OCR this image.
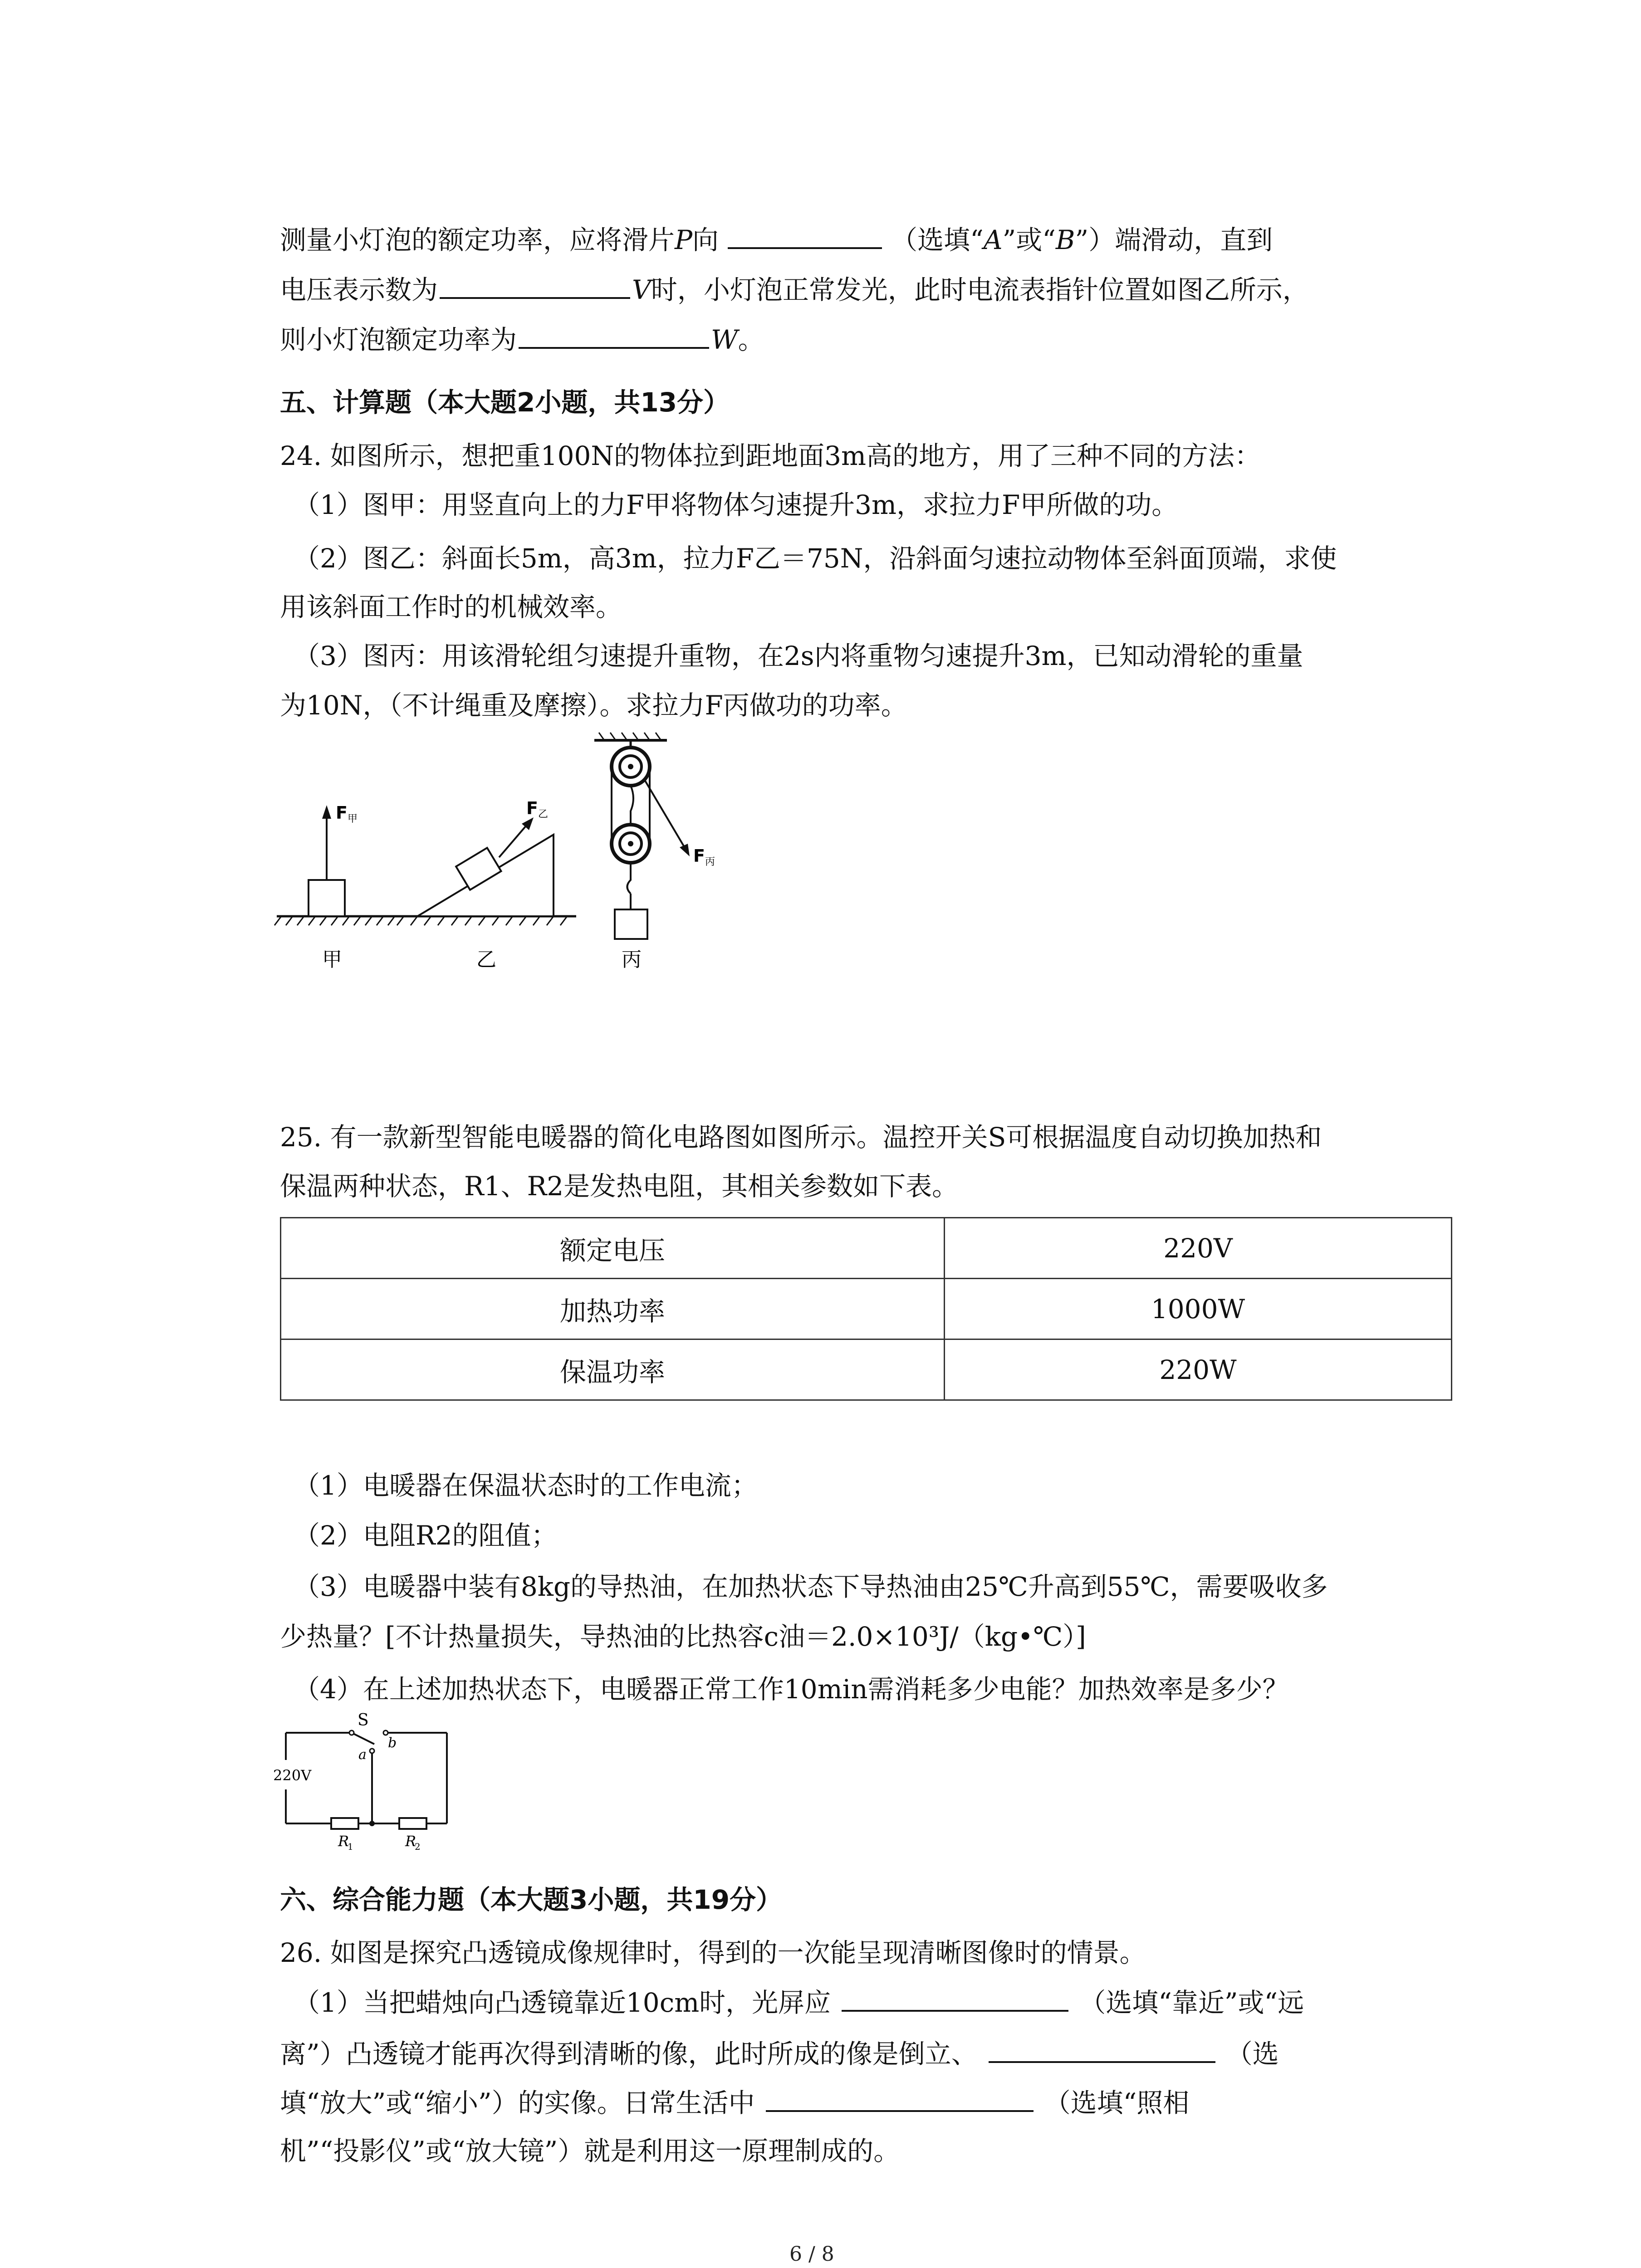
测量小灯泡的额定功率，应将滑片P向	（选填“A”或“B”）端滑动，直到
电压表示数为	V时，小灯泡正常发光，此时电流表指针位置如图乙所示，
则小灯泡额定功率为	W。
五、计算题（本大题2小题，共13分）
24. 如图所示，想把重100N的物体拉到距地面3m高的地方，用了三种不同的方法：
（1）图甲：用竖直向上的力F甲将物体匀速提升3m，求拉力F甲所做的功。
（2）图乙：斜面长5m，高3m，拉力F乙＝75N，沿斜面匀速拉动物体至斜面顶端，求使
用该斜面工作时的机械效率。
（3）图丙：用该滑轮组匀速提升重物，在2s内将重物匀速提升3m，已知动滑轮的重量
为10N，（不计绳重及摩擦）。求拉力F丙做功的功率。
F 甲
甲
F 乙
乙
F 丙
丙
25. 有一款新型智能电暖器的简化电路图如图所示。温控开关S可根据温度自动切换加热和
保温两种状态，R1、R2是发热电阻，其相关参数如下表。
额定电压	220V
加热功率	1000W
保温功率	220W
（1）电暖器在保温状态时的工作电流；
（2）电阻R2的阻值；
（3）电暖器中装有8kg的导热油，在加热状态下导热油由25℃升高到55℃，需要吸收多
少热量？[不计热量损失，导热油的比热容c油＝2.0×10³J/（kg•℃）]
（4）在上述加热状态下，电暖器正常工作10min需消耗多少电能？加热效率是多少？
S
a
b
220V
R
1	R
2
六、综合能力题（本大题3小题，共19分）
26. 如图是探究凸透镜成像规律时，得到的一次能呈现清晰图像时的情景。
（1）当把蜡烛向凸透镜靠近10cm时，光屏应	（选填“靠近”或“远
离”）凸透镜才能再次得到清晰的像，此时所成的像是倒立、	（选
填“放大”或“缩小”）的实像。日常生活中	（选填“照相
机”“投影仪”或“放大镜”）就是利用这一原理制成的。
6 / 8
